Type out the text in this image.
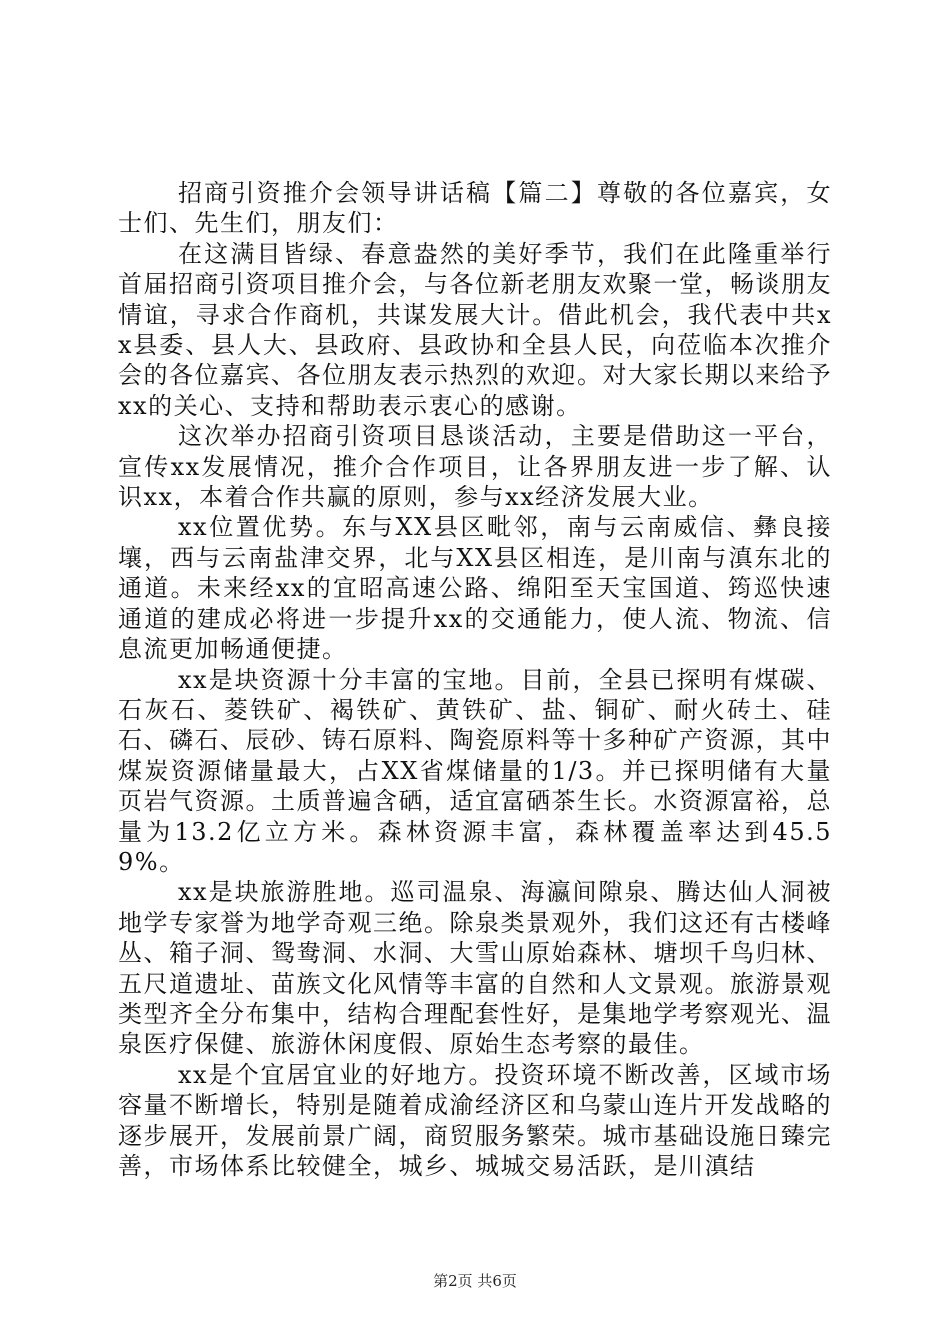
招商引资推介会领导讲话稿【篇二】尊敬的各位嘉宾，女士们、先生们，朋友们：

在这满目皆绿、春意盎然的美好季节，我们在此隆重举行首届招商引资项目推介会，与各位新老朋友欢聚一堂，畅谈朋友情谊，寻求合作商机，共谋发展大计。借此机会，我代表中共xx县委、县人大、县政府、县政协和全县人民，向莅临本次推介会的各位嘉宾、各位朋友表示热烈的欢迎。对大家长期以来给予xx的关心、支持和帮助表示衷心的感谢。

这次举办招商引资项目恳谈活动，主要是借助这一平台，宣传xx发展情况，推介合作项目，让各界朋友进一步了解、认识xx，本着合作共赢的原则，参与xx经济发展大业。

xx位置优势。东与XX县区毗邻，南与云南威信、彝良接壤，西与云南盐津交界，北与XX县区相连，是川南与滇东北的通道。未来经xx的宜昭高速公路、绵阳至天宝国道、筠巡快速通道的建成必将进一步提升xx的交通能力，使人流、物流、信息流更加畅通便捷。

xx是块资源十分丰富的宝地。目前，全县已探明有煤碳、石灰石、菱铁矿、褐铁矿、黄铁矿、盐、铜矿、耐火砖土、硅石、磷石、辰砂、铸石原料、陶瓷原料等十多种矿产资源，其中煤炭资源储量最大，占XX省煤储量的1/3。并已探明储有大量页岩气资源。土质普遍含硒，适宜富硒茶生长。水资源富裕，总量为13.2亿立方米。森林资源丰富，森林覆盖率达到45.59%。

xx是块旅游胜地。巡司温泉、海瀛间隙泉、腾达仙人洞被地学专家誉为地学奇观三绝。除泉类景观外，我们这还有古楼峰丛、箱子洞、鸳鸯洞、水洞、大雪山原始森林、塘坝千鸟归林、五尺道遗址、苗族文化风情等丰富的自然和人文景观。旅游景观类型齐全分布集中，结构合理配套性好，是集地学考察观光、温泉医疗保健、旅游休闲度假、原始生态考察的最佳。

xx是个宜居宜业的好地方。投资环境不断改善，区域市场容量不断增长，特别是随着成渝经济区和乌蒙山连片开发战略的逐步展开，发展前景广阔，商贸服务繁荣。城市基础设施日臻完善，市场体系比较健全，城乡、城城交易活跃，是川滇结

第2页 共6页
